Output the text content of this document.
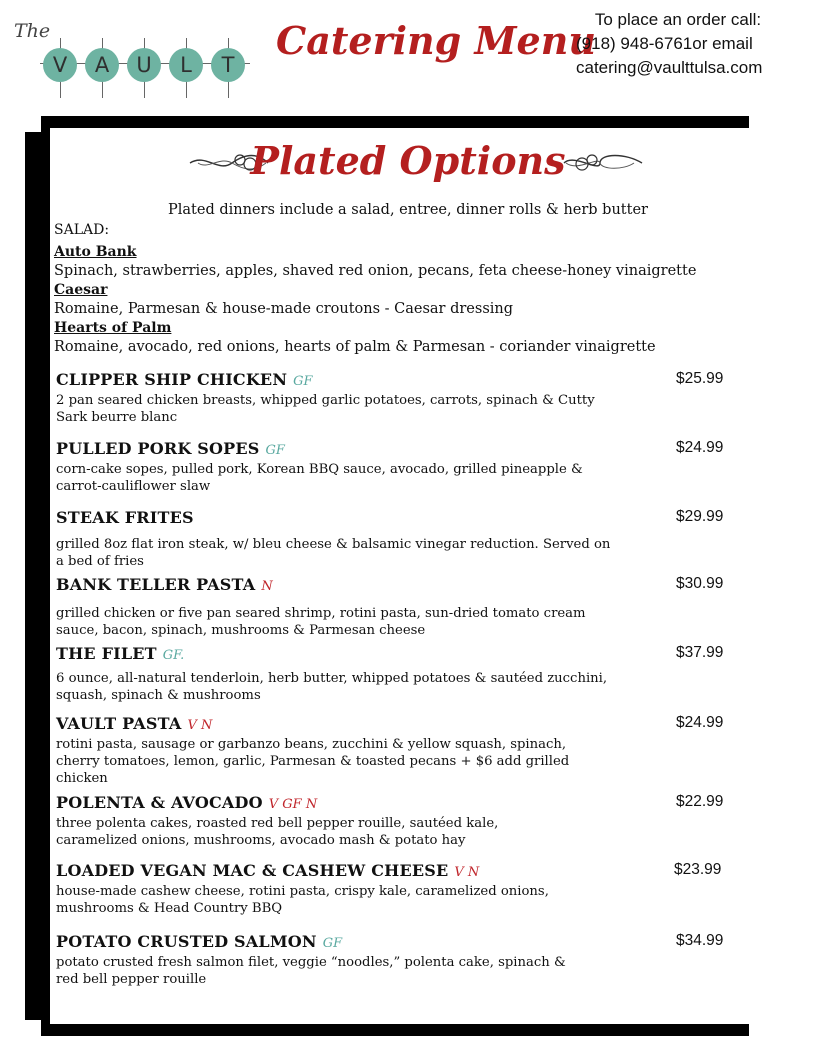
The
V	A	U	L	T
Catering Menu
To place an order call:
(918) 948-6761or email
catering@vaulttulsa.com
Plated Options
Plated dinners include a salad, entree, dinner rolls & herb butter
SALAD:
Auto Bank
Spinach, strawberries, apples, shaved red onion, pecans, feta cheese-honey vinaigrette
Caesar
Romaine, Parmesan & house-made croutons - Caesar dressing
Hearts of Palm
Romaine, avocado, red onions, hearts of palm & Parmesan - coriander vinaigrette
CLIPPER SHIP CHICKEN GF	$25.99
2 pan seared chicken breasts, whipped garlic potatoes, carrots, spinach & Cutty Sark beurre blanc
PULLED PORK SOPES GF	$24.99
corn-cake sopes, pulled pork, Korean BBQ sauce, avocado, grilled pineapple & carrot-cauliflower slaw
STEAK FRITES	$29.99
grilled 8oz flat iron steak, w/ bleu cheese & balsamic vinegar reduction. Served on a bed of fries
BANK TELLER PASTA N	$30.99
grilled chicken or five pan seared shrimp, rotini pasta, sun-dried tomato cream sauce, bacon, spinach, mushrooms & Parmesan cheese
THE FILET GF.	$37.99
6 ounce, all-natural tenderloin, herb butter, whipped potatoes & sautéed zucchini, squash, spinach & mushrooms
VAULT PASTA V N	$24.99
rotini pasta, sausage or garbanzo beans, zucchini & yellow squash, spinach, cherry tomatoes, lemon, garlic, Parmesan & toasted pecans + $6 add grilled chicken
POLENTA & AVOCADO V GF N	$22.99
three polenta cakes, roasted red bell pepper rouille, sautéed kale, caramelized onions, mushrooms, avocado mash & potato hay
LOADED VEGAN MAC & CASHEW CHEESE V N	$23.99
house-made cashew cheese, rotini pasta, crispy kale, caramelized onions, mushrooms & Head Country BBQ
POTATO CRUSTED SALMON GF	$34.99
potato crusted fresh salmon filet, veggie “noodles,” polenta cake, spinach & red bell pepper rouille
